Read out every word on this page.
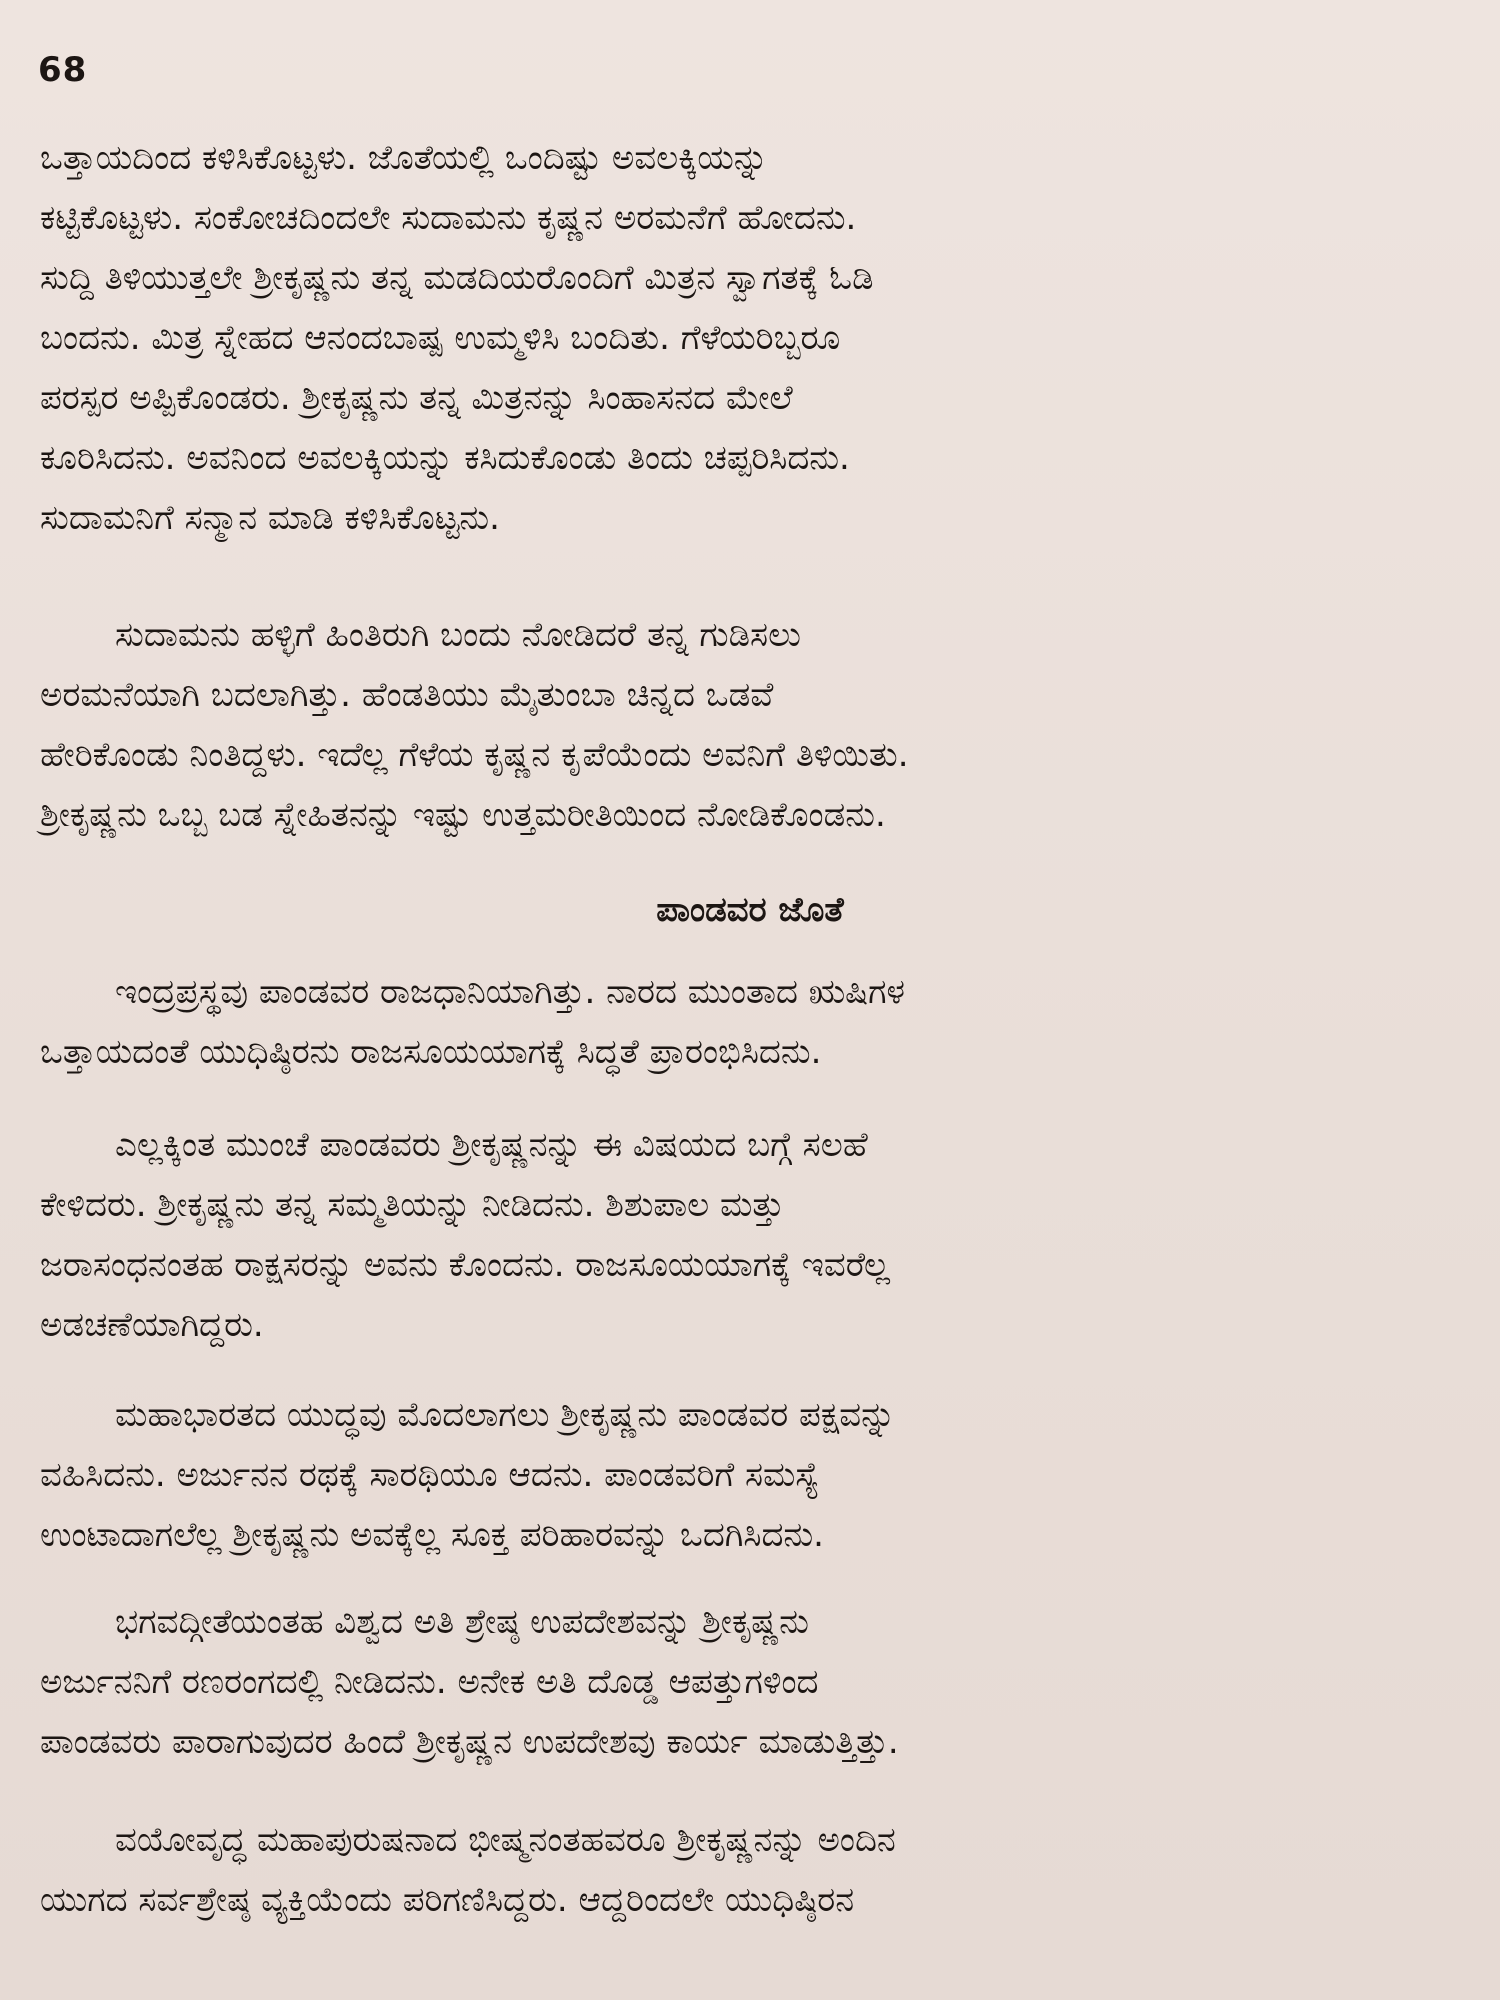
68

ಒತ್ತಾಯದಿಂದ ಕಳಿಸಿಕೊಟ್ಟಳು. ಜೊತೆಯಲ್ಲಿ ಒಂದಿಷ್ಟು ಅವಲಕ್ಕಿಯನ್ನು
ಕಟ್ಟಿಕೊಟ್ಟಳು. ಸಂಕೋಚದಿಂದಲೇ ಸುದಾಮನು ಕೃಷ್ಣನ ಅರಮನೆಗೆ ಹೋದನು.
ಸುದ್ದಿ ತಿಳಿಯುತ್ತಲೇ ಶ್ರೀಕೃಷ್ಣನು ತನ್ನ ಮಡದಿಯರೊಂದಿಗೆ ಮಿತ್ರನ ಸ್ವಾಗತಕ್ಕೆ ಓಡಿ
ಬಂದನು. ಮಿತ್ರ ಸ್ನೇಹದ ಆನಂದಬಾಷ್ಪ ಉಮ್ಮಳಿಸಿ ಬಂದಿತು. ಗೆಳೆಯರಿಬ್ಬರೂ
ಪರಸ್ಪರ ಅಪ್ಪಿಕೊಂಡರು. ಶ್ರೀಕೃಷ್ಣನು ತನ್ನ ಮಿತ್ರನನ್ನು ಸಿಂಹಾಸನದ ಮೇಲೆ
ಕೂರಿಸಿದನು. ಅವನಿಂದ ಅವಲಕ್ಕಿಯನ್ನು ಕಸಿದುಕೊಂಡು ತಿಂದು ಚಪ್ಪರಿಸಿದನು.
ಸುದಾಮನಿಗೆ ಸನ್ಮಾನ ಮಾಡಿ ಕಳಿಸಿಕೊಟ್ಟನು.

ಸುದಾಮನು ಹಳ್ಳಿಗೆ ಹಿಂತಿರುಗಿ ಬಂದು ನೋಡಿದರೆ ತನ್ನ ಗುಡಿಸಲು
ಅರಮನೆಯಾಗಿ ಬದಲಾಗಿತ್ತು. ಹೆಂಡತಿಯು ಮೈತುಂಬಾ ಚಿನ್ನದ ಒಡವೆ
ಹೇರಿಕೊಂಡು ನಿಂತಿದ್ದಳು. ಇದೆಲ್ಲ ಗೆಳೆಯ ಕೃಷ್ಣನ ಕೃಪೆಯೆಂದು ಅವನಿಗೆ ತಿಳಿಯಿತು.
ಶ್ರೀಕೃಷ್ಣನು ಒಬ್ಬ ಬಡ ಸ್ನೇಹಿತನನ್ನು ಇಷ್ಟು ಉತ್ತಮರೀತಿಯಿಂದ ನೋಡಿಕೊಂಡನು.

ಪಾಂಡವರ ಜೊತೆ

ಇಂದ್ರಪ್ರಸ್ಥವು ಪಾಂಡವರ ರಾಜಧಾನಿಯಾಗಿತ್ತು. ನಾರದ ಮುಂತಾದ ಋಷಿಗಳ
ಒತ್ತಾಯದಂತೆ ಯುಧಿಷ್ಠಿರನು ರಾಜಸೂಯಯಾಗಕ್ಕೆ ಸಿದ್ಧತೆ ಪ್ರಾರಂಭಿಸಿದನು.

ಎಲ್ಲಕ್ಕಿಂತ ಮುಂಚೆ ಪಾಂಡವರು ಶ್ರೀಕೃಷ್ಣನನ್ನು ಈ ವಿಷಯದ ಬಗ್ಗೆ ಸಲಹೆ
ಕೇಳಿದರು. ಶ್ರೀಕೃಷ್ಣನು ತನ್ನ ಸಮ್ಮತಿಯನ್ನು ನೀಡಿದನು. ಶಿಶುಪಾಲ ಮತ್ತು
ಜರಾಸಂಧನಂತಹ ರಾಕ್ಷಸರನ್ನು ಅವನು ಕೊಂದನು. ರಾಜಸೂಯಯಾಗಕ್ಕೆ ಇವರೆಲ್ಲ
ಅಡಚಣೆಯಾಗಿದ್ದರು.

ಮಹಾಭಾರತದ ಯುದ್ಧವು ಮೊದಲಾಗಲು ಶ್ರೀಕೃಷ್ಣನು ಪಾಂಡವರ ಪಕ್ಷವನ್ನು
ವಹಿಸಿದನು. ಅರ್ಜುನನ ರಥಕ್ಕೆ ಸಾರಥಿಯೂ ಆದನು. ಪಾಂಡವರಿಗೆ ಸಮಸ್ಯೆ
ಉಂಟಾದಾಗಲೆಲ್ಲ ಶ್ರೀಕೃಷ್ಣನು ಅವಕ್ಕೆಲ್ಲ ಸೂಕ್ತ ಪರಿಹಾರವನ್ನು ಒದಗಿಸಿದನು.

ಭಗವದ್ಗೀತೆಯಂತಹ ವಿಶ್ವದ ಅತಿ ಶ್ರೇಷ್ಠ ಉಪದೇಶವನ್ನು ಶ್ರೀಕೃಷ್ಣನು
ಅರ್ಜುನನಿಗೆ ರಣರಂಗದಲ್ಲಿ ನೀಡಿದನು. ಅನೇಕ ಅತಿ ದೊಡ್ಡ ಆಪತ್ತುಗಳಿಂದ
ಪಾಂಡವರು ಪಾರಾಗುವುದರ ಹಿಂದೆ ಶ್ರೀಕೃಷ್ಣನ ಉಪದೇಶವು ಕಾರ್ಯ ಮಾಡುತ್ತಿತ್ತು.

ವಯೋವೃದ್ಧ ಮಹಾಪುರುಷನಾದ ಭೀಷ್ಮನಂತಹವರೂ ಶ್ರೀಕೃಷ್ಣನನ್ನು ಅಂದಿನ
ಯುಗದ ಸರ್ವಶ್ರೇಷ್ಠ ವ್ಯಕ್ತಿಯೆಂದು ಪರಿಗಣಿಸಿದ್ದರು. ಆದ್ದರಿಂದಲೇ ಯುಧಿಷ್ಠಿರನ
